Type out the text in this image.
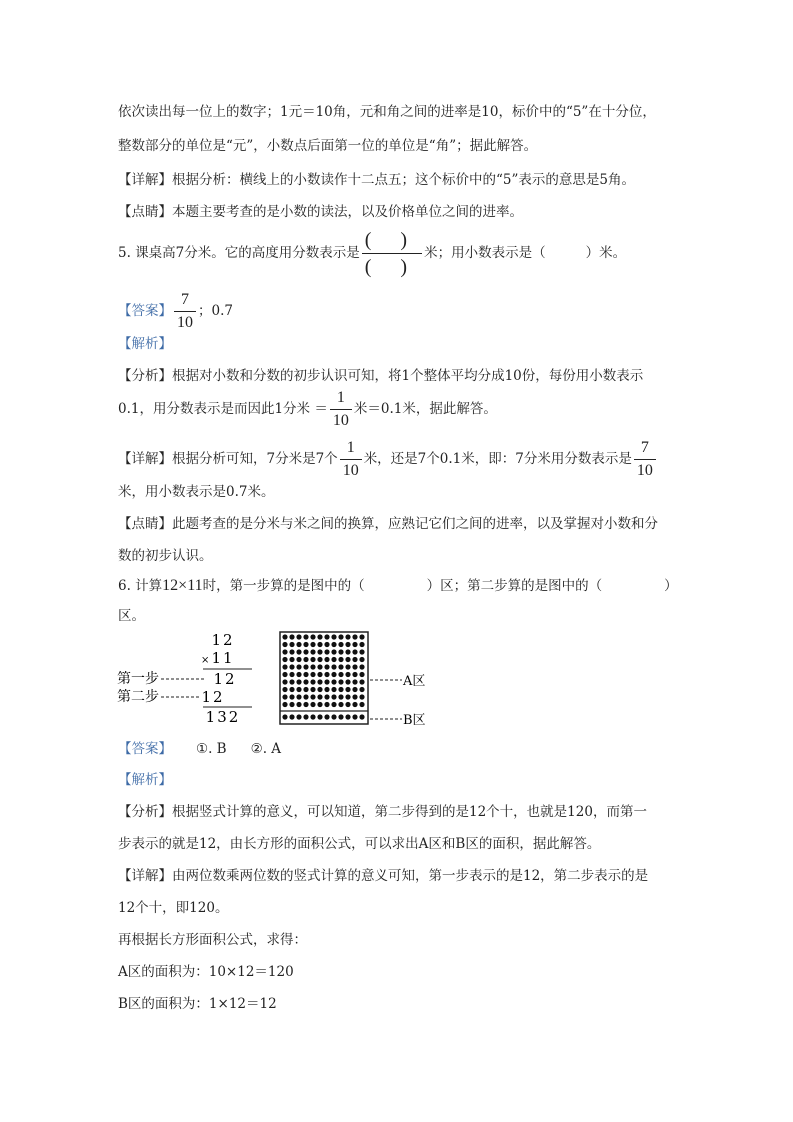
依次读出每一位上的数字；1元＝10角，元和角之间的进率是10，标价中的“5”在十分位，
整数部分的单位是“元”，小数点后面第一位的单位是“角”；据此解答。
【详解】根据分析：横线上的小数读作十二点五；这个标价中的“5”表示的意思是5角。
【点睛】本题主要考查的是小数的读法，以及价格单位之间的进率。
5. 课桌高7分米。它的高度用分数表示是 $\frac{( )}{( )}$ 米；用小数表示是（	）米。
【答案】 $\frac{7}{10}$ ；0.7
【解析】
【分析】根据对小数和分数的初步认识可知，将1个整体平均分成10份，每份用小数表示
0.1，用分数表示是而因此1分米 ＝ $\frac{1}{10}$ 米＝0.1米，据此解答。
【详解】根据分析可知，7分米是7个 $\frac{1}{10}$ 米，还是7个0.1米，即：7分米用分数表示是 $\frac{7}{10}$
米，用小数表示是0.7米。
【点睛】此题考查的是分米与米之间的换算，应熟记它们之间的进率，以及掌握对小数和分
数的初步认识。
6. 计算12×11时，第一步算的是图中的（	）区；第二步算的是图中的（	）
区。
12
× 11
第一步	12
第二步	12
132
A区
B区
【答案】 ①. B ②. A
【解析】
【分析】根据竖式计算的意义，可以知道，第二步得到的是12个十，也就是120，而第一
步表示的就是12，由长方形的面积公式，可以求出A区和B区的面积，据此解答。
【详解】由两位数乘两位数的竖式计算的意义可知，第一步表示的是12，第二步表示的是
12个十，即120。
再根据长方形面积公式，求得：
A区的面积为：10×12＝120
B区的面积为：1×12＝12
